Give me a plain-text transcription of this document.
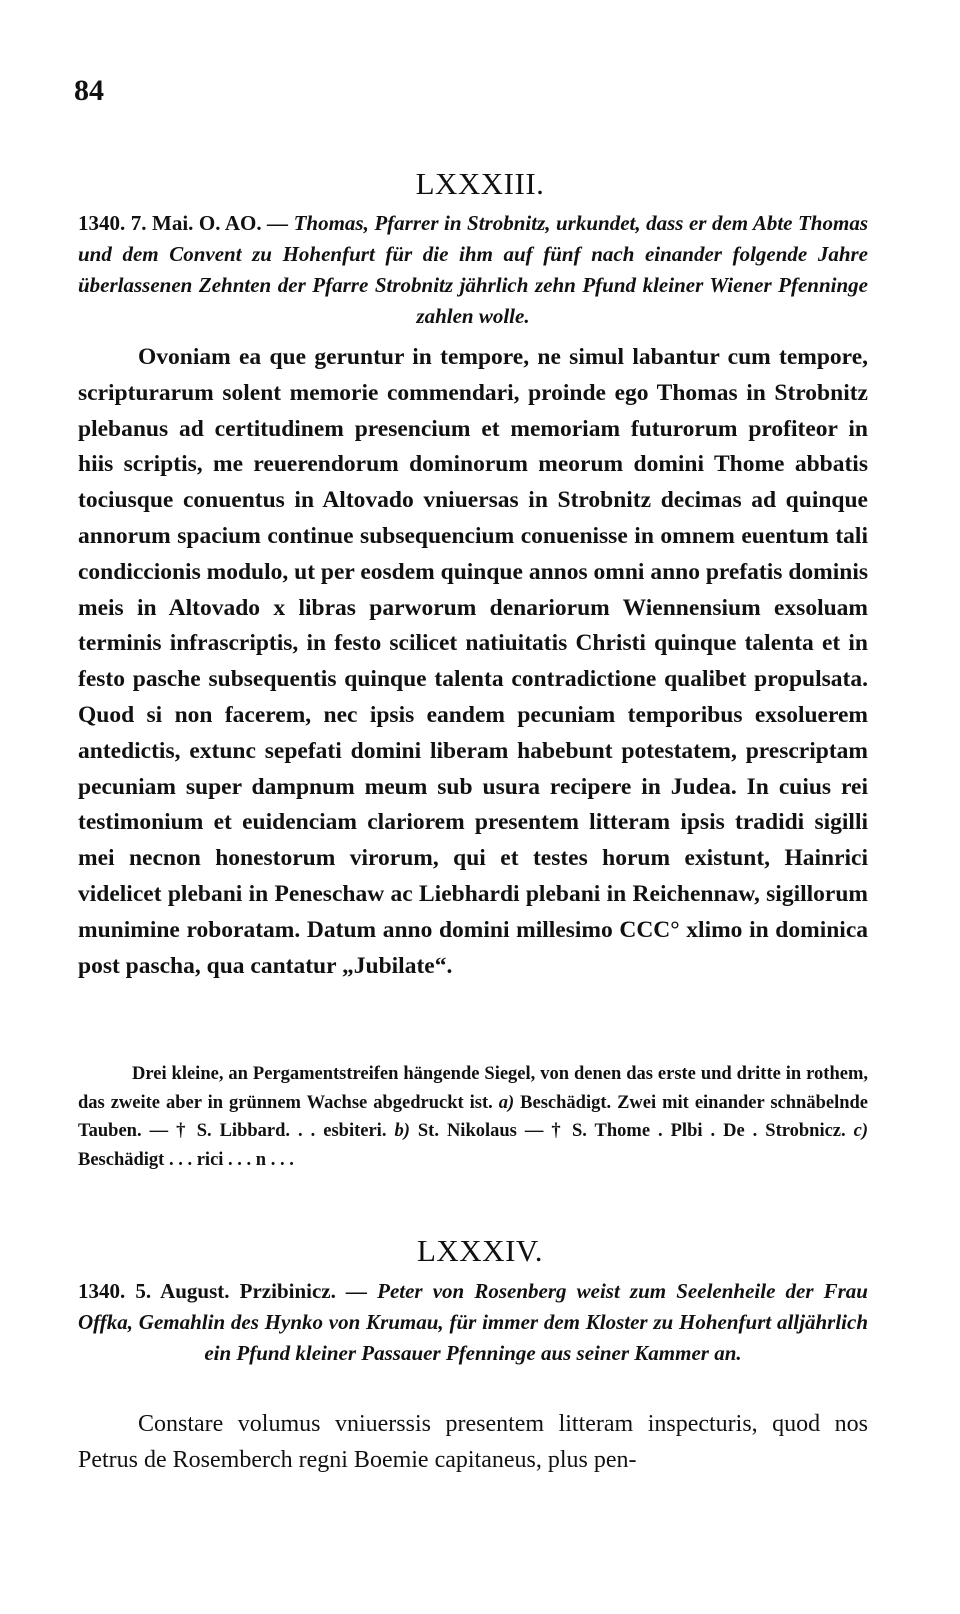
84
LXXXIII.

1340. 7. Mai. O. AO. — Thomas, Pfarrer in Strobnitz, urkundet, dass er dem Abte Thomas und dem Convent zu Hohenfurt für die ihm auf fünf nach einander folgende Jahre überlassenen Zehnten der Pfarre Strobnitz jährlich zehn Pfund kleiner Wiener Pfenninge zahlen wolle.

Ovoniam ea que geruntur in tempore, ne simul labantur cum tempore, scripturarum solent memorie commendari, proinde ego Thomas in Strobnitz plebanus ad certitudinem presencium et memoriam futurorum profiteor in hiis scriptis, me reuerendorum dominorum meorum domini Thome abbatis tociusque conuentus in Altovado vniuersas in Strobnitz decimas ad quinque annorum spacium continue subsequencium conuenisse in omnem euentum tali condiccionis modulo, ut per eosdem quinque annos omni anno prefatis dominis meis in Altovado x libras parworum denariorum Wiennensium exsoluam terminis infrascriptis, in festo scilicet natiuitatis Christi quinque talenta et in festo pasche subsequentis quinque talenta contradictione qualibet propulsata. Quod si non facerem, nec ipsis eandem pecuniam temporibus exsoluerem antedictis, extunc sepefati domini liberam habebunt potestatem, prescriptam pecuniam super dampnum meum sub usura recipere in Judea. In cuius rei testimonium et euidenciam clariorem presentem litteram ipsis tradidi sigilli mei necnon honestorum virorum, qui et testes horum existunt, Hainrici videlicet plebani in Peneschaw ac Liebhardi plebani in Reichennaw, sigillorum munimine roboratam. Datum anno domini millesimo CCC° xlimo in dominica post pascha, qua cantatur „Jubilate“.

Drei kleine, an Pergamentstreifen hängende Siegel, von denen das erste und dritte in rothem, das zweite aber in grünnem Wachse abgedruckt ist. a) Beschädigt. Zwei mit einander schnäbelnde Tauben. — † S. Libbard. . . esbiteri. b) St. Nikolaus — † S. Thome . Plbi . De . Strobnicz. c) Beschädigt . . . rici . . . n . . .

LXXXIV.

1340. 5. August. Przibinicz. — Peter von Rosenberg weist zum Seelenheile der Frau Offka, Gemahlin des Hynko von Krumau, für immer dem Kloster zu Hohenfurt alljährlich ein Pfund kleiner Passauer Pfenninge aus seiner Kammer an.

Constare volumus vniuerssis presentem litteram inspecturis, quod nos Petrus de Rosemberch regni Boemie capitaneus, plus pen-
